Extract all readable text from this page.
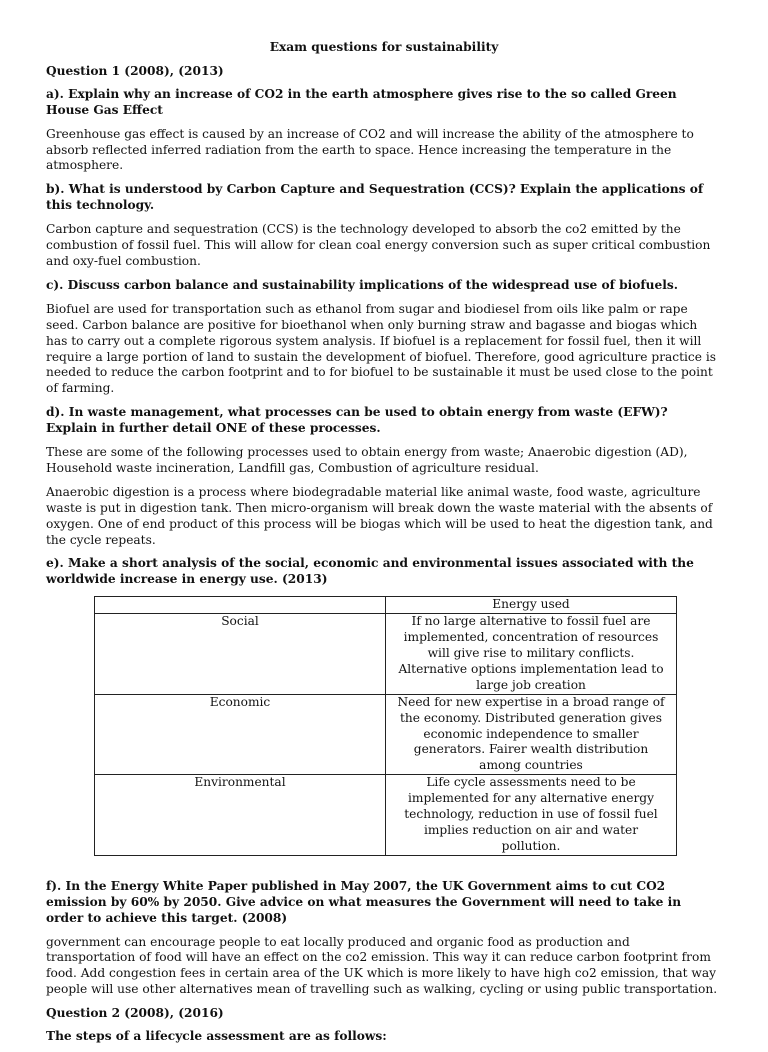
Exam questions for sustainability

Question 1 (2008), (2013)

a). Explain why an increase of CO2 in the earth atmosphere gives rise to the so called Green House Gas Effect

Greenhouse gas effect is caused by an increase of CO2 and will increase the ability of the atmosphere to absorb reflected inferred radiation from the earth to space. Hence increasing the temperature in the atmosphere.

b). What is understood by Carbon Capture and Sequestration (CCS)? Explain the applications of this technology.

Carbon capture and sequestration (CCS) is the technology developed to absorb the co2 emitted by the combustion of fossil fuel. This will allow for clean coal energy conversion such as super critical combustion and oxy-fuel combustion.

c). Discuss carbon balance and sustainability implications of the widespread use of biofuels.

Biofuel are used for transportation such as ethanol from sugar and biodiesel from oils like palm or rape seed. Carbon balance are positive for bioethanol when only burning straw and bagasse and biogas which has to carry out a complete rigorous system analysis. If biofuel is a replacement for fossil fuel, then it will require a large portion of land to sustain the development of biofuel. Therefore, good agriculture practice is needed to reduce the carbon footprint and to for biofuel to be sustainable it must be used close to the point of farming.

d). In waste management, what processes can be used to obtain energy from waste (EFW)? Explain in further detail ONE of these processes.

These are some of the following processes used to obtain energy from waste; Anaerobic digestion (AD), Household waste incineration, Landfill gas, Combustion of agriculture residual.

Anaerobic digestion is a process where biodegradable material like animal waste, food waste, agriculture waste is put in digestion tank. Then micro-organism will break down the waste material with the absents of oxygen. One of end product of this process will be biogas which will be used to heat the digestion tank, and the cycle repeats.

e). Make a short analysis of the social, economic and environmental issues associated with the worldwide increase in energy use. (2013)

	Energy used
Social	If no large alternative to fossil fuel are implemented, concentration of resources will give rise to military conflicts. Alternative options implementation lead to large job creation
Economic	Need for new expertise in a broad range of the economy. Distributed generation gives economic independence to smaller generators. Fairer wealth distribution among countries
Environmental	Life cycle assessments need to be implemented for any alternative energy technology, reduction in use of fossil fuel implies reduction on air and water pollution.

f). In the Energy White Paper published in May 2007, the UK Government aims to cut CO2 emission by 60% by 2050. Give advice on what measures the Government will need to take in order to achieve this target. (2008)

government can encourage people to eat locally produced and organic food as production and transportation of food will have an effect on the co2 emission. This way it can reduce carbon footprint from food. Add congestion fees in certain area of the UK which is more likely to have high co2 emission, that way people will use other alternatives mean of travelling such as walking, cycling or using public transportation.

Question 2 (2008), (2016)

The steps of a lifecycle assessment are as follows:
